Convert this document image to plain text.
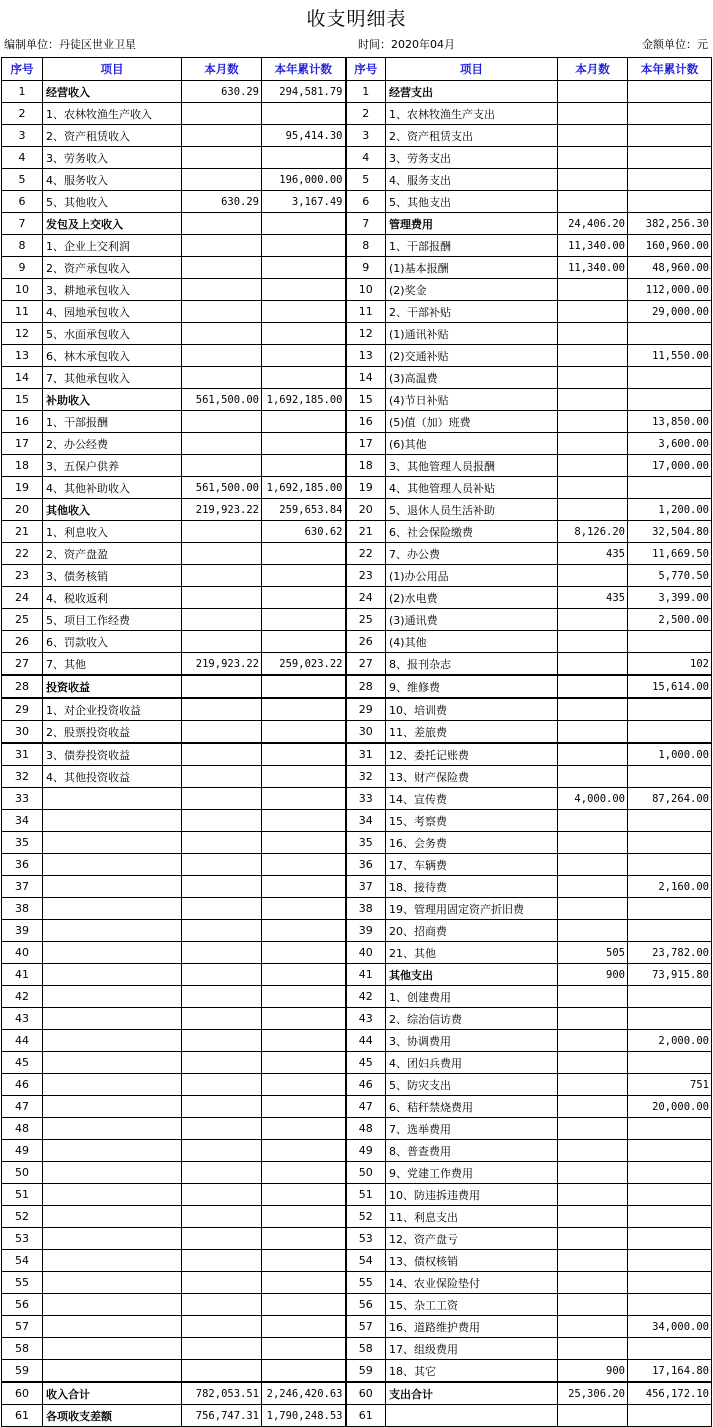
收支明细表
编制单位：丹徒区世业卫星	时间：2020年04月	金额单位：元
序号	项目	本月数	本年累计数	序号	项目	本月数	本年累计数
1	经营收入	630.29	294,581.79	1	经营支出		
2	1、农林牧渔生产收入			2	1、农林牧渔生产支出		
3	2、资产租赁收入		95,414.30	3	2、资产租赁支出		
4	3、劳务收入			4	3、劳务支出		
5	4、服务收入		196,000.00	5	4、服务支出		
6	5、其他收入	630.29	3,167.49	6	5、其他支出		
7	发包及上交收入			7	管理费用	24,406.20	382,256.30
8	1、企业上交利润			8	1、干部报酬	11,340.00	160,960.00
9	2、资产承包收入			9	(1)基本报酬	11,340.00	48,960.00
10	3、耕地承包收入			10	(2)奖金		112,000.00
11	4、园地承包收入			11	2、干部补贴		29,000.00
12	5、水面承包收入			12	(1)通讯补贴		
13	6、林木承包收入			13	(2)交通补贴		11,550.00
14	7、其他承包收入			14	(3)高温费		
15	补助收入	561,500.00	1,692,185.00	15	(4)节日补贴		
16	1、干部报酬			16	(5)值（加）班费		13,850.00
17	2、办公经费			17	(6)其他		3,600.00
18	3、五保户供养			18	3、其他管理人员报酬		17,000.00
19	4、其他补助收入	561,500.00	1,692,185.00	19	4、其他管理人员补贴		
20	其他收入	219,923.22	259,653.84	20	5、退休人员生活补助		1,200.00
21	1、利息收入		630.62	21	6、社会保险缴费	8,126.20	32,504.80
22	2、资产盘盈			22	7、办公费	435	11,669.50
23	3、债务核销			23	(1)办公用品		5,770.50
24	4、税收返利			24	(2)水电费	435	3,399.00
25	5、项目工作经费			25	(3)通讯费		2,500.00
26	6、罚款收入			26	(4)其他		
27	7、其他	219,923.22	259,023.22	27	8、报刊杂志		102
28	投资收益			28	9、维修费		15,614.00
29	1、对企业投资收益			29	10、培训费		
30	2、股票投资收益			30	11、差旅费		
31	3、债券投资收益			31	12、委托记账费		1,000.00
32	4、其他投资收益			32	13、财产保险费		
33				33	14、宣传费	4,000.00	87,264.00
34				34	15、考察费		
35				35	16、会务费		
36				36	17、车辆费		
37				37	18、接待费		2,160.00
38				38	19、管理用固定资产折旧费		
39				39	20、招商费		
40				40	21、其他	505	23,782.00
41				41	其他支出	900	73,915.80
42				42	1、创建费用		
43				43	2、综治信访费		
44				44	3、协调费用		2,000.00
45				45	4、团妇兵费用		
46				46	5、防灾支出		751
47				47	6、秸秆禁烧费用		20,000.00
48				48	7、选举费用		
49				49	8、普查费用		
50				50	9、党建工作费用		
51				51	10、防违拆违费用		
52				52	11、利息支出		
53				53	12、资产盘亏		
54				54	13、债权核销		
55				55	14、农业保险垫付		
56				56	15、杂工工资		
57				57	16、道路维护费用		34,000.00
58				58	17、组级费用		
59				59	18、其它	900	17,164.80
60	收入合计	782,053.51	2,246,420.63	60	支出合计	25,306.20	456,172.10
61	各项收支差额	756,747.31	1,790,248.53	61			
